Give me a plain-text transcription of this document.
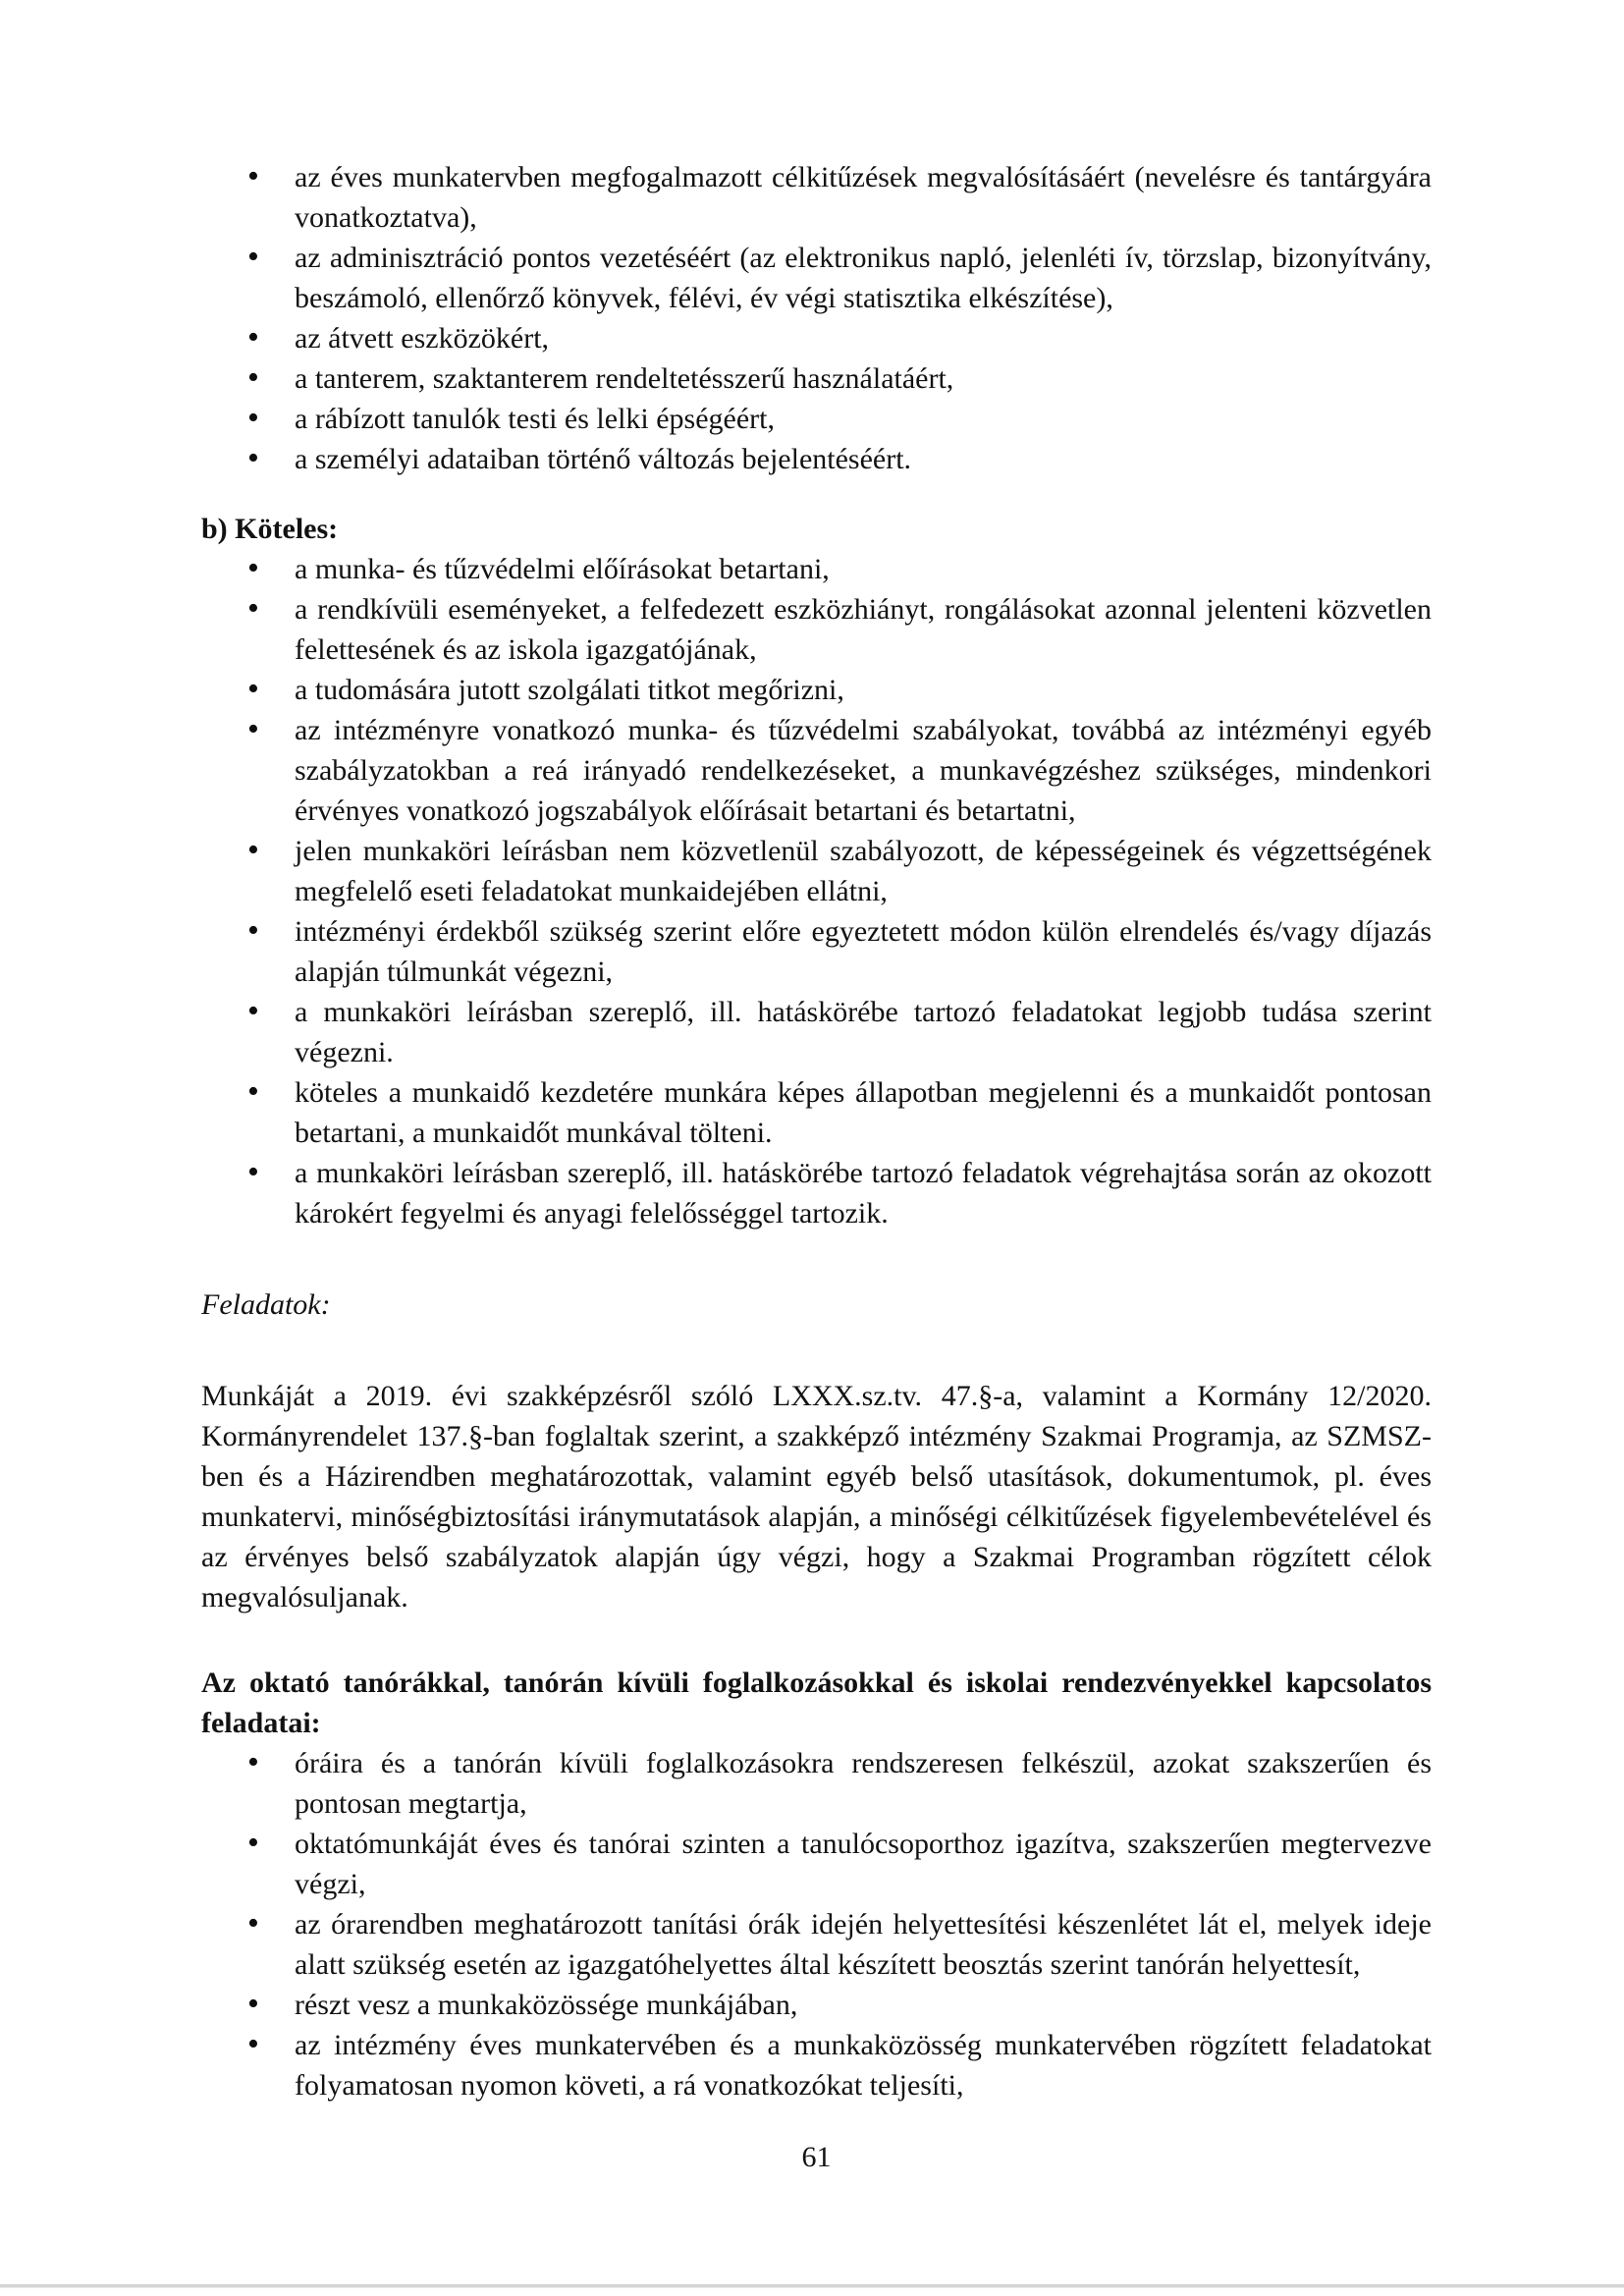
• az éves munkatervben megfogalmazott célkitűzések megvalósításáért (nevelésre és tantárgyára vonatkoztatva),
• az adminisztráció pontos vezetéséért (az elektronikus napló, jelenléti ív, törzslap, bizonyítvány, beszámoló, ellenőrző könyvek, félévi, év végi statisztika elkészítése),
• az átvett eszközökért,
• a tanterem, szaktanterem rendeltetésszerű használatáért,
• a rábízott tanulók testi és lelki épségéért,
• a személyi adataiban történő változás bejelentéséért.

b) Köteles:

• a munka- és tűzvédelmi előírásokat betartani,
• a rendkívüli eseményeket, a felfedezett eszközhiányt, rongálásokat azonnal jelenteni közvetlen felettesének és az iskola igazgatójának,
• a tudomására jutott szolgálati titkot megőrizni,
• az intézményre vonatkozó munka- és tűzvédelmi szabályokat, továbbá az intézményi egyéb szabályzatokban a reá irányadó rendelkezéseket, a munkavégzéshez szükséges, mindenkori érvényes vonatkozó jogszabályok előírásait betartani és betartatni,
• jelen munkaköri leírásban nem közvetlenül szabályozott, de képességeinek és végzettségének megfelelő eseti feladatokat munkaidejében ellátni,
• intézményi érdekből szükség szerint előre egyeztetett módon külön elrendelés és/vagy díjazás alapján túlmunkát végezni,
• a munkaköri leírásban szereplő, ill. hatáskörébe tartozó feladatokat legjobb tudása szerint végezni.
• köteles a munkaidő kezdetére munkára képes állapotban megjelenni és a munkaidőt pontosan betartani, a munkaidőt munkával tölteni.
• a munkaköri leírásban szereplő, ill. hatáskörébe tartozó feladatok végrehajtása során az okozott károkért fegyelmi és anyagi felelősséggel tartozik.

Feladatok:

Munkáját a 2019. évi szakképzésről szóló LXXX.sz.tv. 47.§-a, valamint a Kormány 12/2020. Kormányrendelet 137.§-ban foglaltak szerint, a szakképző intézmény Szakmai Programja, az SZMSZ-ben és a Házirendben meghatározottak, valamint egyéb belső utasítások, dokumentumok, pl. éves munkatervi, minőségbiztosítási iránymutatások alapján, a minőségi célkitűzések figyelembevételével és az érvényes belső szabályzatok alapján úgy végzi, hogy a Szakmai Programban rögzített célok megvalósuljanak.

Az oktató tanórákkal, tanórán kívüli foglalkozásokkal és iskolai rendezvényekkel kapcsolatos feladatai:

• óráira és a tanórán kívüli foglalkozásokra rendszeresen felkészül, azokat szakszerűen és pontosan megtartja,
• oktatómunkáját éves és tanórai szinten a tanulócsoporthoz igazítva, szakszerűen megtervezve végzi,
• az órarendben meghatározott tanítási órák idején helyettesítési készenlétet lát el, melyek ideje alatt szükség esetén az igazgatóhelyettes által készített beosztás szerint tanórán helyettesít,
• részt vesz a munkaközössége munkájában,
• az intézmény éves munkatervében és a munkaközösség munkatervében rögzített feladatokat folyamatosan nyomon követi, a rá vonatkozókat teljesíti,
61
